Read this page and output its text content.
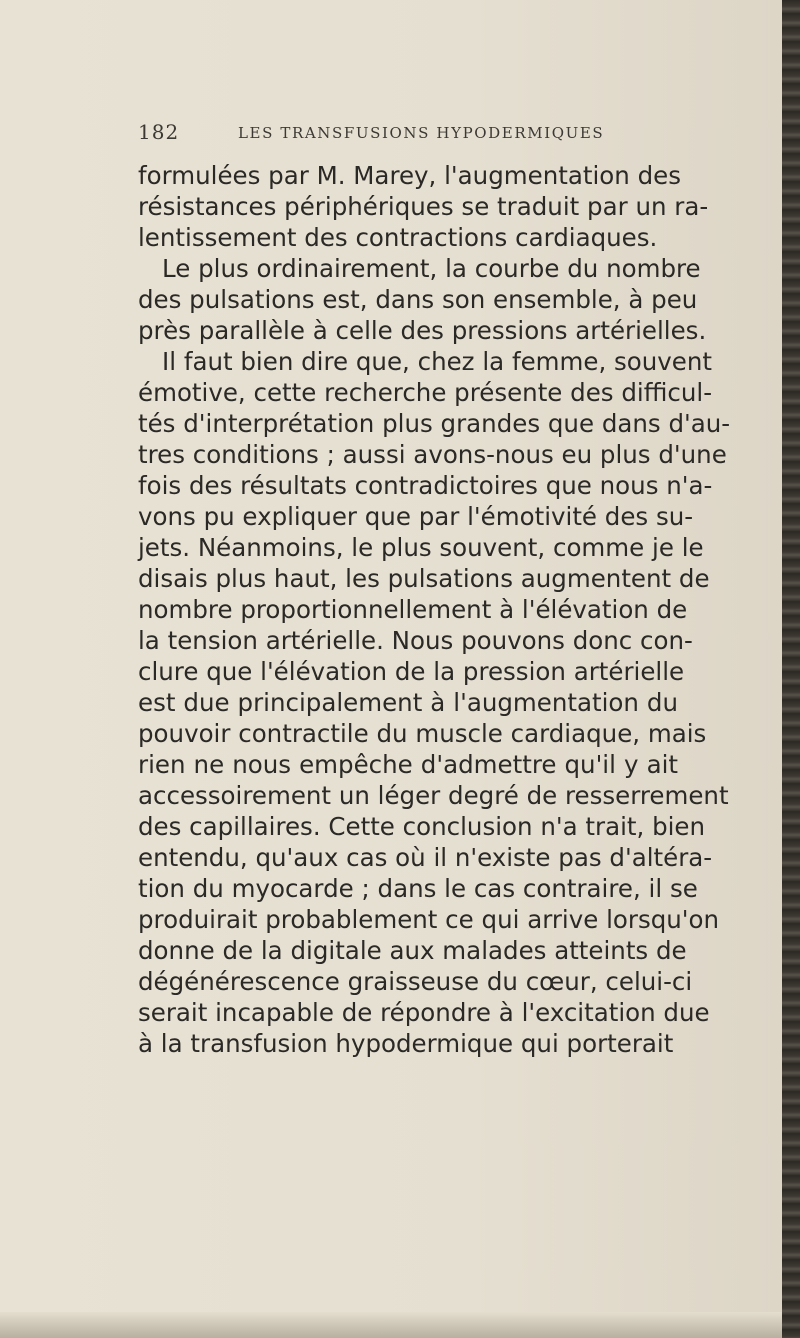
182	LES TRANSFUSIONS HYPODERMIQUES
formulées par M. Marey, l'augmentation des
résistances périphériques se traduit par un ra-
lentissement des contractions cardiaques.
Le plus ordinairement, la courbe du nombre
des pulsations est, dans son ensemble, à peu
près parallèle à celle des pressions artérielles.
Il faut bien dire que, chez la femme, souvent
émotive, cette recherche présente des difficul-
tés d'interprétation plus grandes que dans d'au-
tres conditions ; aussi avons-nous eu plus d'une
fois des résultats contradictoires que nous n'a-
vons pu expliquer que par l'émotivité des su-
jets. Néanmoins, le plus souvent, comme je le
disais plus haut, les pulsations augmentent de
nombre proportionnellement à l'élévation de
la tension artérielle. Nous pouvons donc con-
clure que l'élévation de la pression artérielle
est due principalement à l'augmentation du
pouvoir contractile du muscle cardiaque, mais
rien ne nous empêche d'admettre qu'il y ait
accessoirement un léger degré de resserrement
des capillaires. Cette conclusion n'a trait, bien
entendu, qu'aux cas où il n'existe pas d'altéra-
tion du myocarde ; dans le cas contraire, il se
produirait probablement ce qui arrive lorsqu'on
donne de la digitale aux malades atteints de
dégénérescence graisseuse du cœur, celui-ci
serait incapable de répondre à l'excitation due
à la transfusion hypodermique qui porterait
